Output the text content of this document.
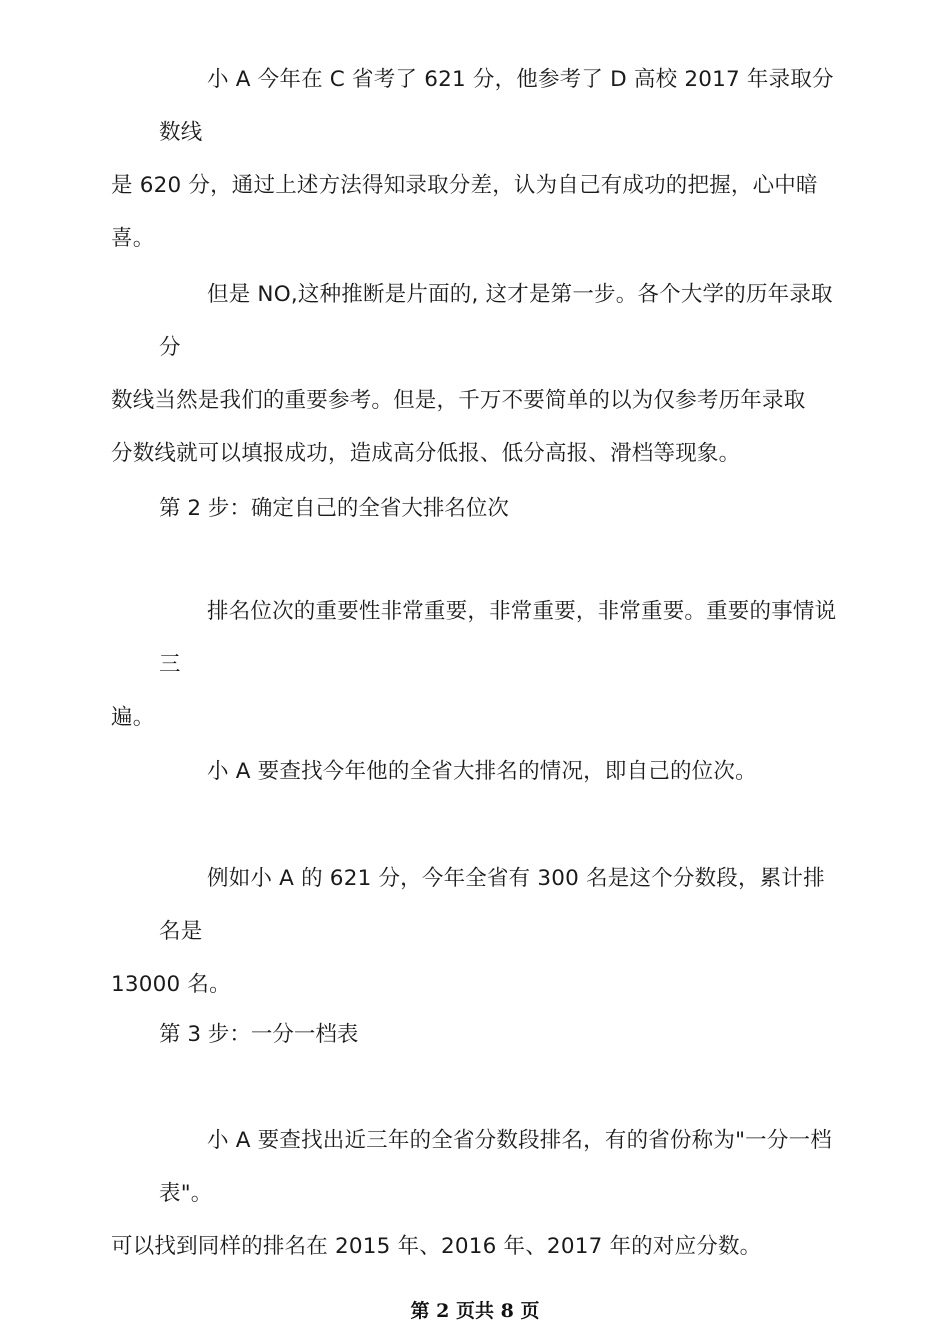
小 A 今年在 C 省考了 621 分，他参考了 D 高校 2017 年录取分数线
是 620 分，通过上述方法得知录取分差，认为自己有成功的把握，心中暗
喜。
但是 NO,这种推断是片面的, 这才是第一步。各个大学的历年录取分
数线当然是我们的重要参考。但是，千万不要简单的以为仅参考历年录取
分数线就可以填报成功，造成高分低报、低分高报、滑档等现象。
第 2 步：确定自己的全省大排名位次
排名位次的重要性非常重要，非常重要，非常重要。重要的事情说三
遍。
小 A 要查找今年他的全省大排名的情况，即自己的位次。
例如小 A 的 621 分，今年全省有 300 名是这个分数段，累计排名是
13000 名。
第 3 步：一分一档表
小 A 要查找出近三年的全省分数段排名，有的省份称为"一分一档表"。
可以找到同样的排名在 2015 年、2016 年、2017 年的对应分数。
第 2 页共 8 页
